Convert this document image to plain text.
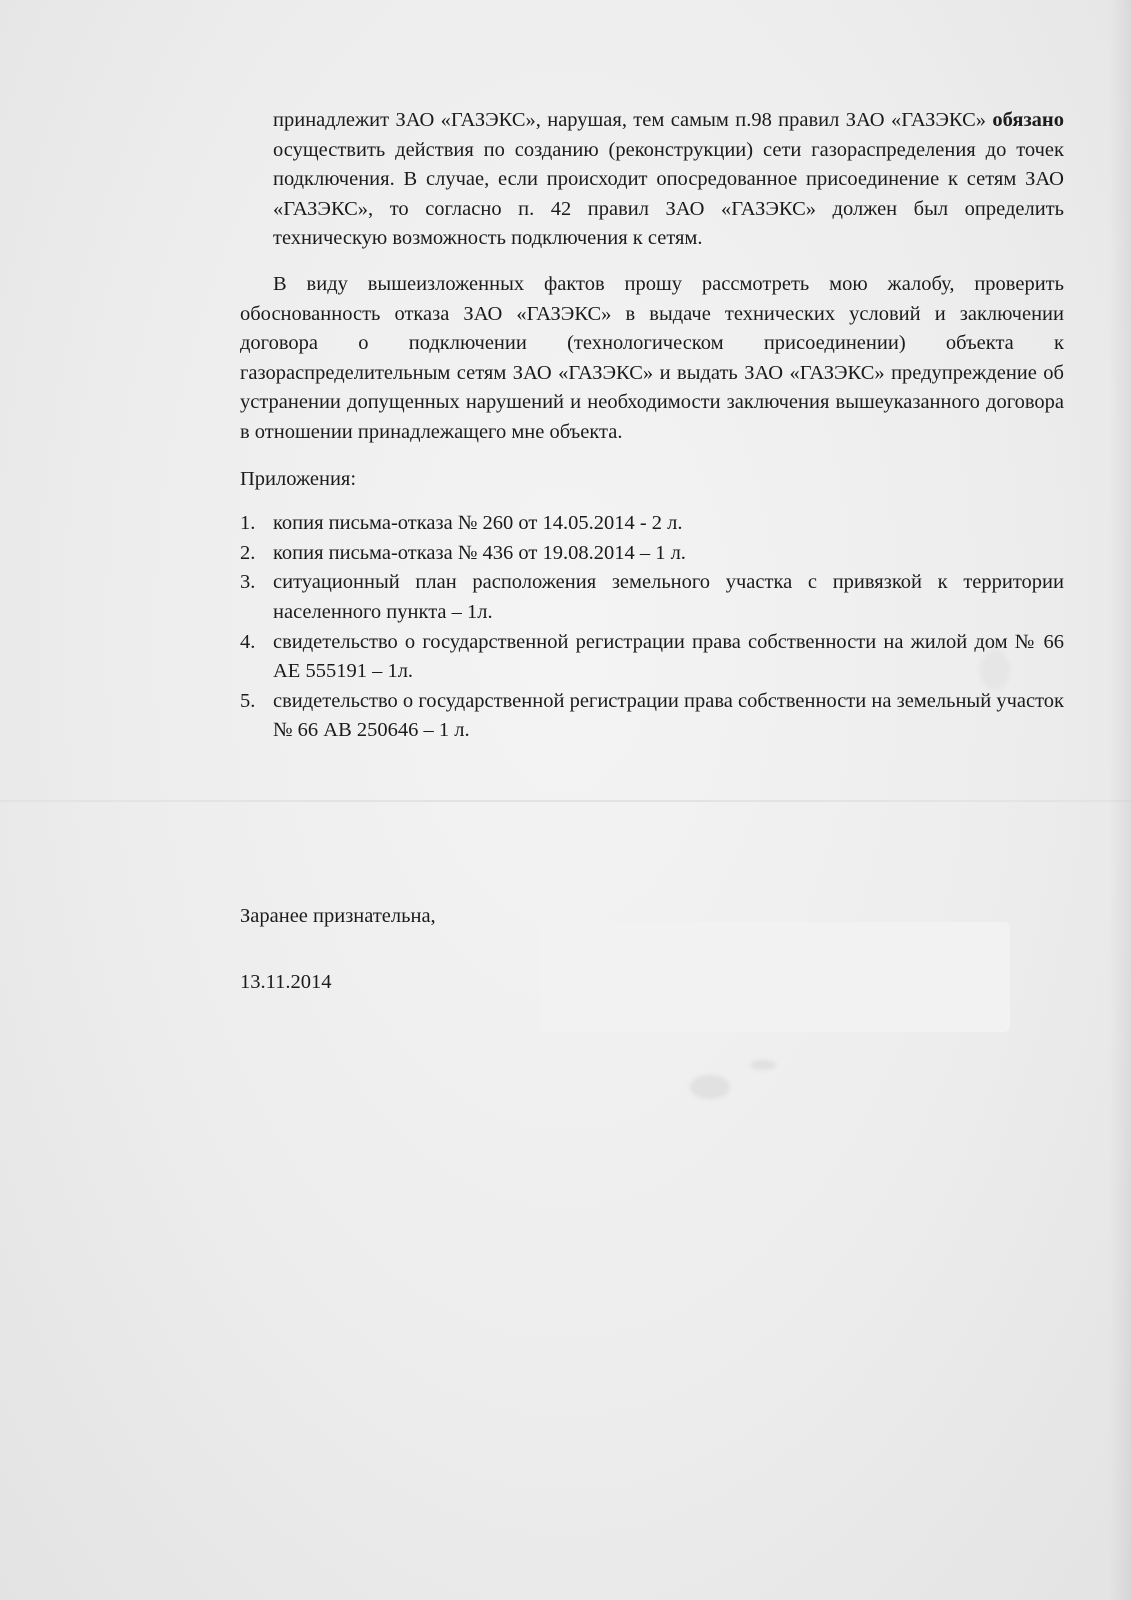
принадлежит ЗАО «ГАЗЭКС», нарушая, тем самым п.98 правил ЗАО «ГАЗЭКС» обязано осуществить действия по созданию (реконструкции) сети газораспределения до точек подключения. В случае, если происходит опосредованное присоединение к сетям ЗАО «ГАЗЭКС», то согласно п. 42 правил ЗАО «ГАЗЭКС» должен был определить техническую возможность подключения к сетям.

В виду вышеизложенных фактов прошу рассмотреть мою жалобу, проверить обоснованность отказа ЗАО «ГАЗЭКС» в выдаче технических условий и заключении договора о подключении (технологическом присоединении) объекта к газораспределительным сетям ЗАО «ГАЗЭКС» и выдать ЗАО «ГАЗЭКС» предупреждение об устранении допущенных нарушений и необходимости заключения вышеуказанного договора в отношении принадлежащего мне объекта.

Приложения:

1. копия письма-отказа № 260 от 14.05.2014 - 2 л.
2. копия письма-отказа № 436 от 19.08.2014 – 1 л.
3. ситуационный план расположения земельного участка с привязкой к территории населенного пункта – 1л.
4. свидетельство о государственной регистрации права собственности на жилой дом № 66 АЕ 555191 – 1л.
5. свидетельство о государственной регистрации права собственности на земельный участок № 66 АВ 250646 – 1 л.
Заранее признательна,
13.11.2014
